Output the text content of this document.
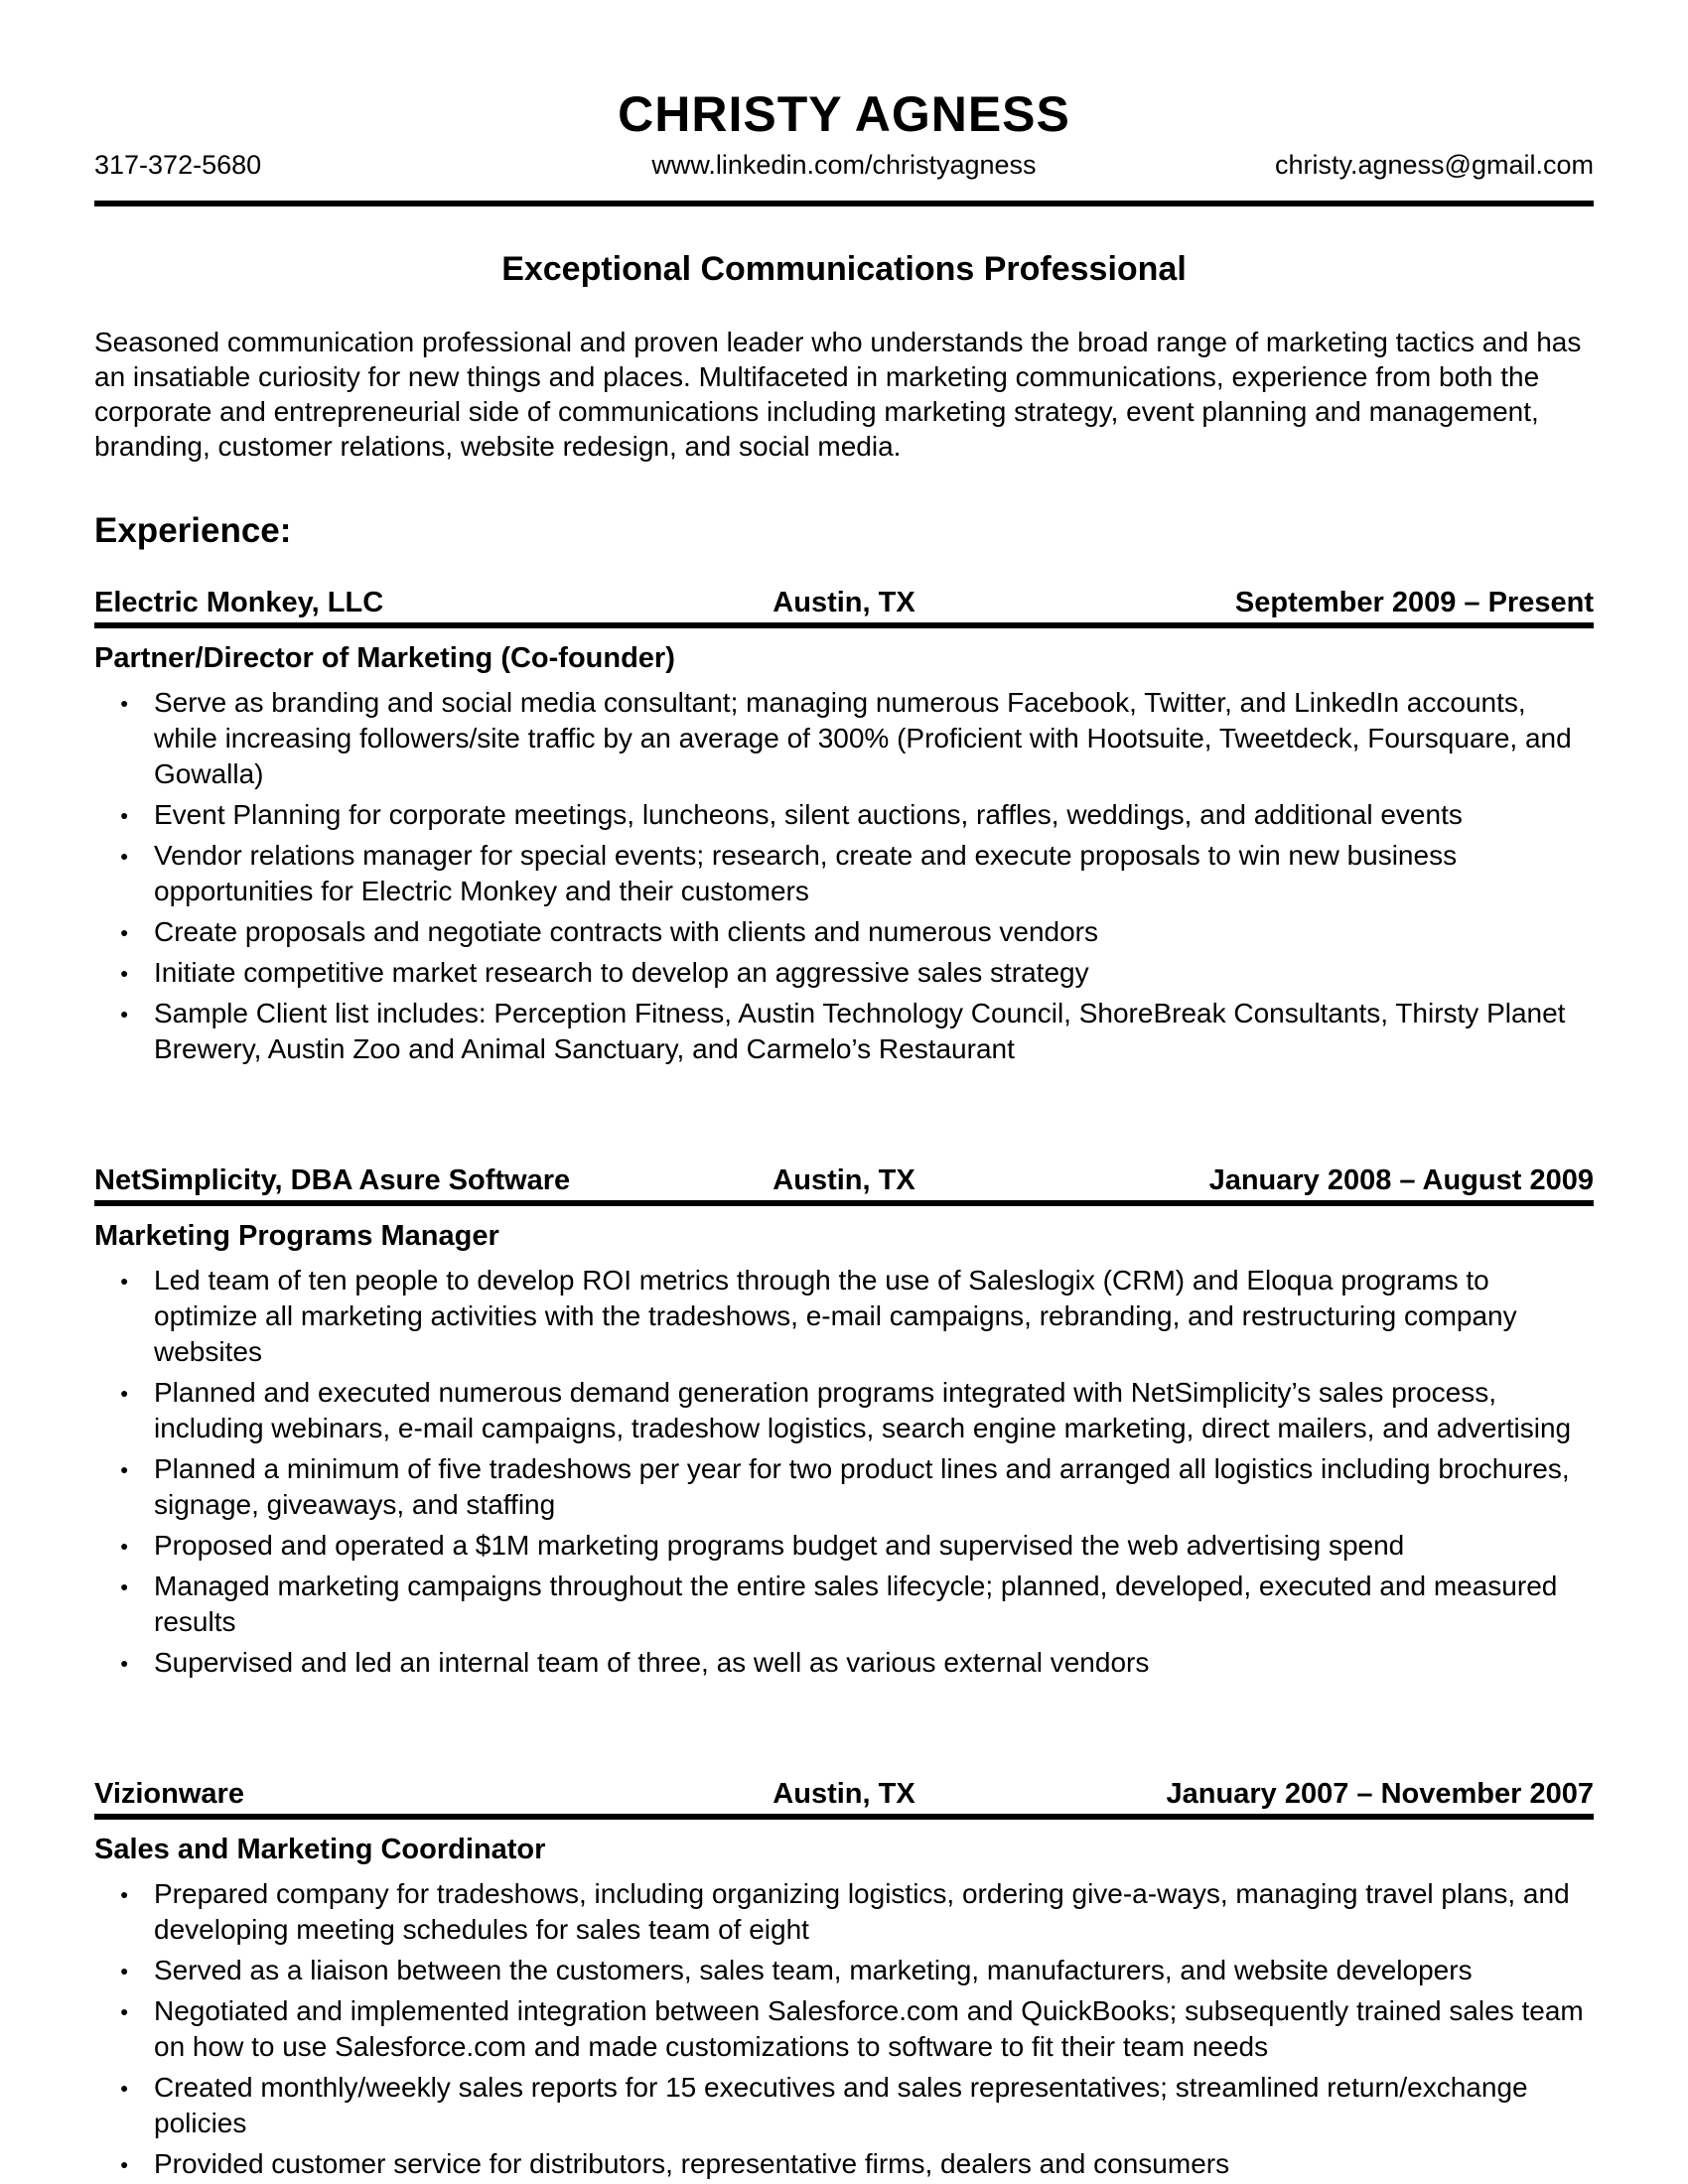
CHRISTY AGNESS
317-372-5680	www.linkedin.com/christyagness	christy.agness@gmail.com
Exceptional Communications Professional

Seasoned communication professional and proven leader who understands the broad range of marketing tactics and has an insatiable curiosity for new things and places. Multifaceted in marketing communications, experience from both the corporate and entrepreneurial side of communications including marketing strategy, event planning and management, branding, customer relations, website redesign, and social media.

Experience:
Electric Monkey, LLC	Austin, TX	September 2009 – Present
Partner/Director of Marketing (Co-founder)
● Serve as branding and social media consultant; managing numerous Facebook, Twitter, and LinkedIn accounts, while increasing followers/site traffic by an average of 300% (Proficient with Hootsuite, Tweetdeck, Foursquare, and Gowalla)
● Event Planning for corporate meetings, luncheons, silent auctions, raffles, weddings, and additional events
● Vendor relations manager for special events; research, create and execute proposals to win new business opportunities for Electric Monkey and their customers
● Create proposals and negotiate contracts with clients and numerous vendors
● Initiate competitive market research to develop an aggressive sales strategy
● Sample Client list includes: Perception Fitness, Austin Technology Council, ShoreBreak Consultants, Thirsty Planet Brewery, Austin Zoo and Animal Sanctuary, and Carmelo’s Restaurant
NetSimplicity, DBA Asure Software	Austin, TX	January 2008 – August 2009
Marketing Programs Manager
● Led team of ten people to develop ROI metrics through the use of Saleslogix (CRM) and Eloqua programs to optimize all marketing activities with the tradeshows, e-mail campaigns, rebranding, and restructuring company websites
● Planned and executed numerous demand generation programs integrated with NetSimplicity’s sales process, including webinars, e-mail campaigns, tradeshow logistics, search engine marketing, direct mailers, and advertising
● Planned a minimum of five tradeshows per year for two product lines and arranged all logistics including brochures, signage, giveaways, and staffing
● Proposed and operated a $1M marketing programs budget and supervised the web advertising spend
● Managed marketing campaigns throughout the entire sales lifecycle; planned, developed, executed and measured results
● Supervised and led an internal team of three, as well as various external vendors
Vizionware	Austin, TX	January 2007 – November 2007
Sales and Marketing Coordinator
● Prepared company for tradeshows, including organizing logistics, ordering give-a-ways, managing travel plans, and developing meeting schedules for sales team of eight
● Served as a liaison between the customers, sales team, marketing, manufacturers, and website developers
● Negotiated and implemented integration between Salesforce.com and QuickBooks; subsequently trained sales team on how to use Salesforce.com and made customizations to software to fit their team needs
● Created monthly/weekly sales reports for 15 executives and sales representatives; streamlined return/exchange policies
● Provided customer service for distributors, representative firms, dealers and consumers
